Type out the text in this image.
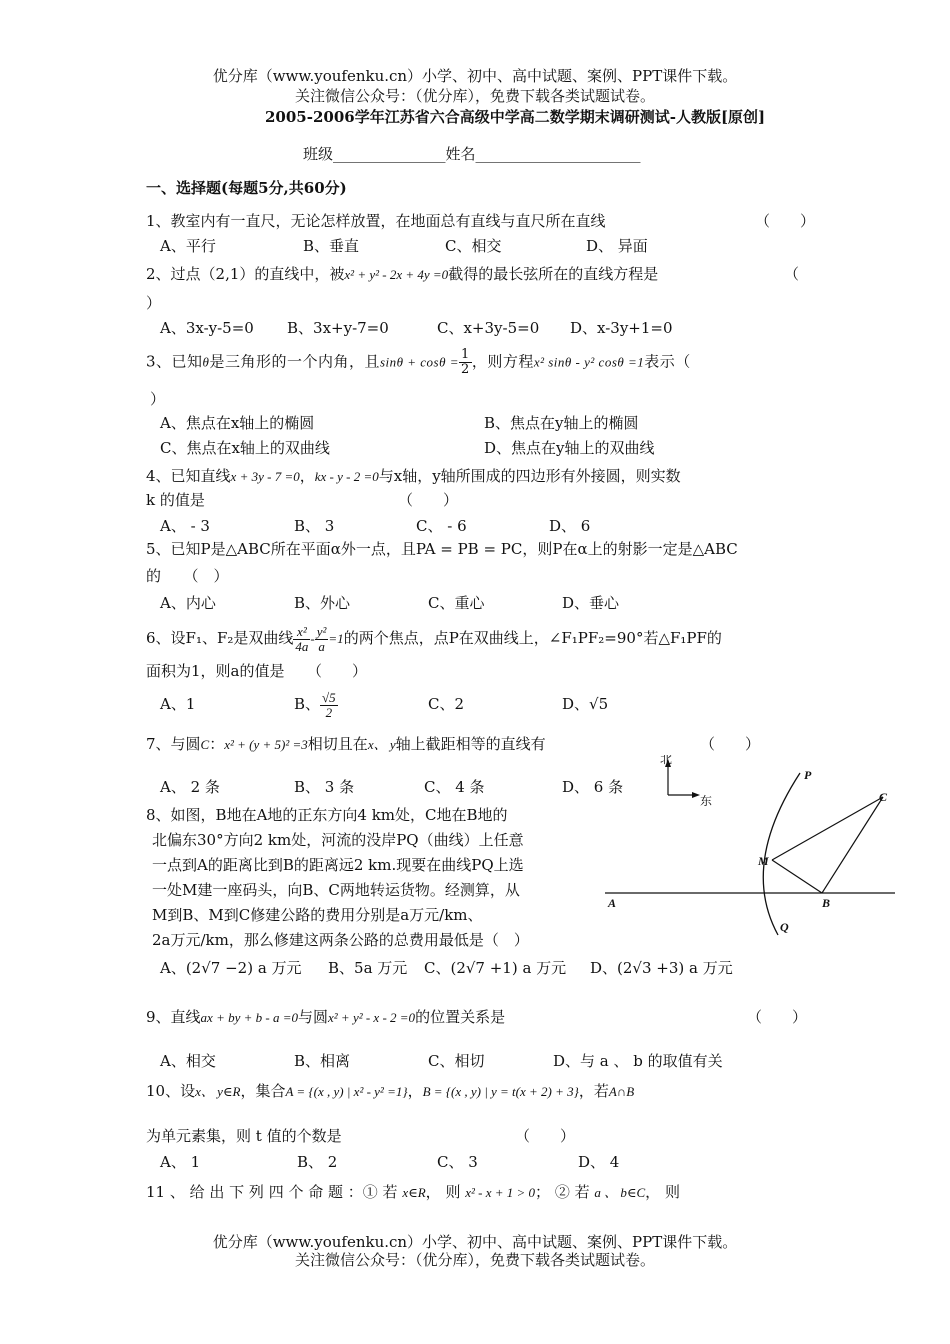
优分库（www.youfenku.cn）小学、初中、高中试题、案例、PPT课件下载。
关注微信公众号：（优分库），免费下载各类试题试卷。
2005-2006学年江苏省六合高级中学高二数学期末调研测试-人教版[原创]
班级_______________姓名______________________
一、选择题(每题5分,共60分)
1、教室内有一直尺，无论怎样放置，在地面总有直线与直尺所在直线	（　　）
A、平行	B、垂直	C、相交	D、 异面
2、过点（2,1）的直线中，被x² + y² - 2x + 4y =0截得的最长弦所在的直线方程是	（
）
A、3x-y-5=0 B、3x+y-7=0	C、x+3y-5=0 D、x-3y+1=0
3、已知θ是三角形的一个内角，且$\sin\theta + \cos\theta = \frac{1}{2}$ ，则方程x² sinθ - y² cosθ =1表示（
）
A、焦点在x轴上的椭圆	B、焦点在y轴上的椭圆
C、焦点在x轴上的双曲线	D、焦点在y轴上的双曲线
4、已知直线x + 3y - 7 =0，kx - y - 2 =0与x轴，y轴所围成的四边形有外接圆，则实数
k 的值是	（　　）
A、 - 3	B、 3	C、 - 6	D、 6
5、已知P是△ABC所在平面α外一点，且PA = PB = PC，则P在α上的射影一定是△ABC
的　　（　）
A、内心	B、外心	C、重心	D、垂心
6、设F₁、F₂是双曲线 $\frac{\text{x²}}{4a} - \frac{\text{y²}}{a} =1$的两个焦点，点P在双曲线上，∠F₁PF₂=90°若△F₁PF的
面积为1，则a的值是　　（　　）
A、1	B、 $\frac{√5}{2}$	C、2	D、√5
7、与圆C：x² + (y + 5)² =3相切且在x、 y轴上截距相等的直线有	（　　）
A、 2 条	B、 3 条	C、 4 条	D、 6 条
8、如图，B地在A地的正东方向4 km处，C地在B地的
北偏东30°方向2 km处，河流的没岸PQ（曲线）上任意
一点到A的距离比到B的距离远2 km.现要在曲线PQ上选
一处M建一座码头，向B、C两地转运货物。经测算，从
M到B、M到C修建公路的费用分别是a万元/km、
2a万元/km，那么修建这两条公路的总费用最低是（　）
A、(2√7 −2) a 万元 B、5a 万元 C、(2√7 +1) a 万元 D、(2√3 +3) a 万元
北
东
P
C
M
A	B
Q
9、直线ax + by + b - a =0与圆x² + y² - x - 2 =0的位置关系是	（　　）
A、相交	B、相离	C、相切	D、与 a 、 b 的取值有关
10、设x、 y∈R，集合A = {(x , y) | x² - y² =1}，B = {(x , y) | y = t(x + 2) + 3}，若A∩B
为单元素集，则 t 值的个数是	（　　）
A、 1	B、 2	C、 3	D、 4
11 、 给 出 下 列 四 个 命 题 ：① 若 x∈R， 则 x² - x + 1 > 0； ② 若 a 、 b∈C， 则
优分库（www.youfenku.cn）小学、初中、高中试题、案例、PPT课件下载。
关注微信公众号：（优分库），免费下载各类试题试卷。
